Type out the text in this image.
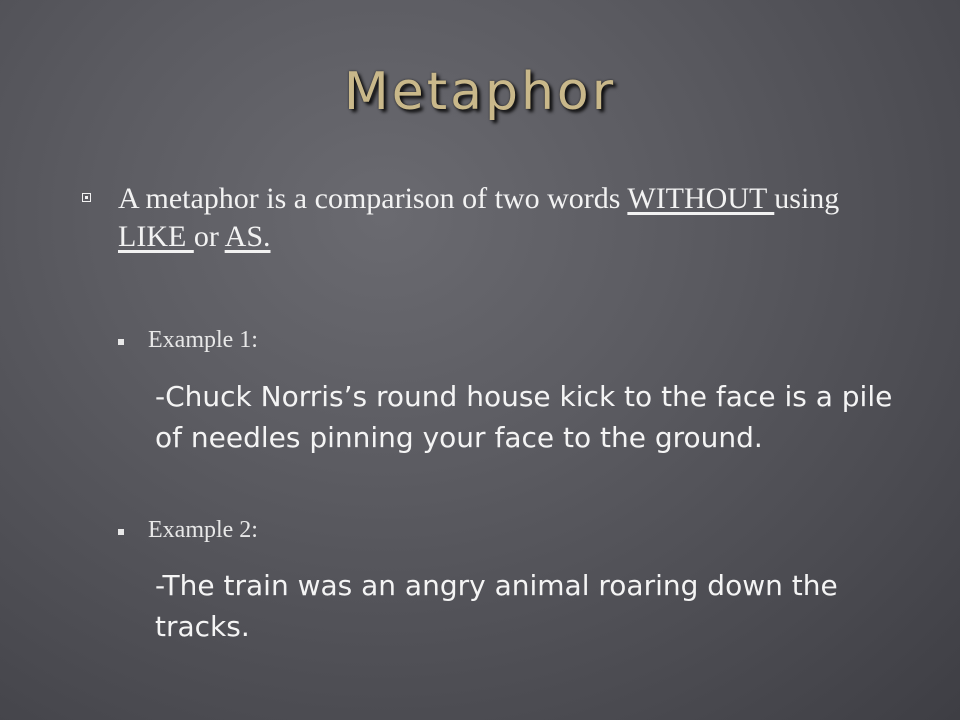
Metaphor
A metaphor is a comparison of two words WITHOUT using LIKE or AS.
Example 1:
-Chuck Norris’s round house kick to the face is a pile of needles pinning your face to the ground.
Example 2:
-The train was an angry animal roaring down the tracks.
